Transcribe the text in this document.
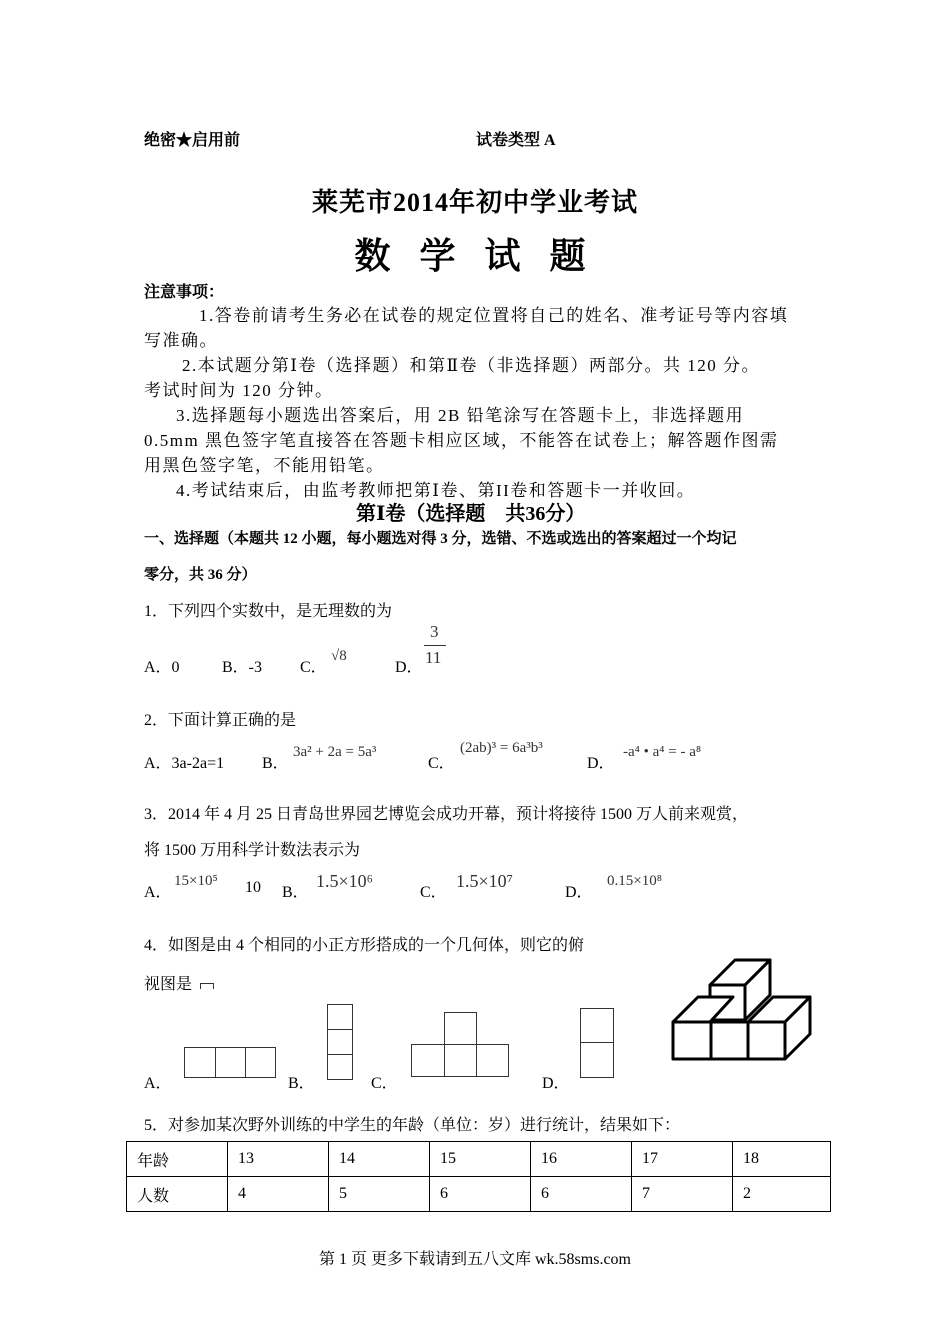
绝密★启用前	试卷类型 A
莱芜市2014年初中学业考试
数 学 试 题
注意事项：
1.答卷前请考生务必在试卷的规定位置将自己的姓名、准考证号等内容填
写准确。
2.本试题分第Ⅰ卷（选择题）和第Ⅱ卷（非选择题）两部分。共 120 分。
考试时间为 120 分钟。
3.选择题每小题选出答案后，用 2B 铅笔涂写在答题卡上，非选择题用
0.5mm 黑色签字笔直接答在答题卡相应区域，不能答在试卷上；解答题作图需
用黑色签字笔，不能用铅笔。
4.考试结束后，由监考教师把第Ⅰ卷、第II卷和答题卡一并收回。
第Ⅰ卷（选择题　共36分）
一、选择题（本题共 12 小题，每小题选对得 3 分，选错、不选或选出的答案超过一个均记
零分，共 36 分）
1．下列四个实数中，是无理数的为
A．0	B．-3 C．
√8
D．
3
11
2．下面计算正确的是
A．3a-2a=1 B．
3a² + 2a = 5a³
C．
(2ab)³ = 6a³b³
D．
-a⁴ • a⁴ = - a⁸
3．2014 年 4 月 25 日青岛世界园艺博览会成功开幕，预计将接待 1500 万人前来观赏，
将 1500 万用科学计数法表示为
A．
15×10⁵ 10 B．
1.5×10⁶
C．
1.5×10⁷
D．
0.15×10⁸
4．如图是由 4 个相同的小正方形搭成的一个几何体，则它的俯
视图是
A．	B．	C．	D．
5．对参加某次野外训练的中学生的年龄（单位：岁）进行统计，结果如下：
年龄	13	14	15	16	17	18
人数	4	5	6	6	7	2
第 1 页 更多下载请到五八文库 wk.58sms.com
